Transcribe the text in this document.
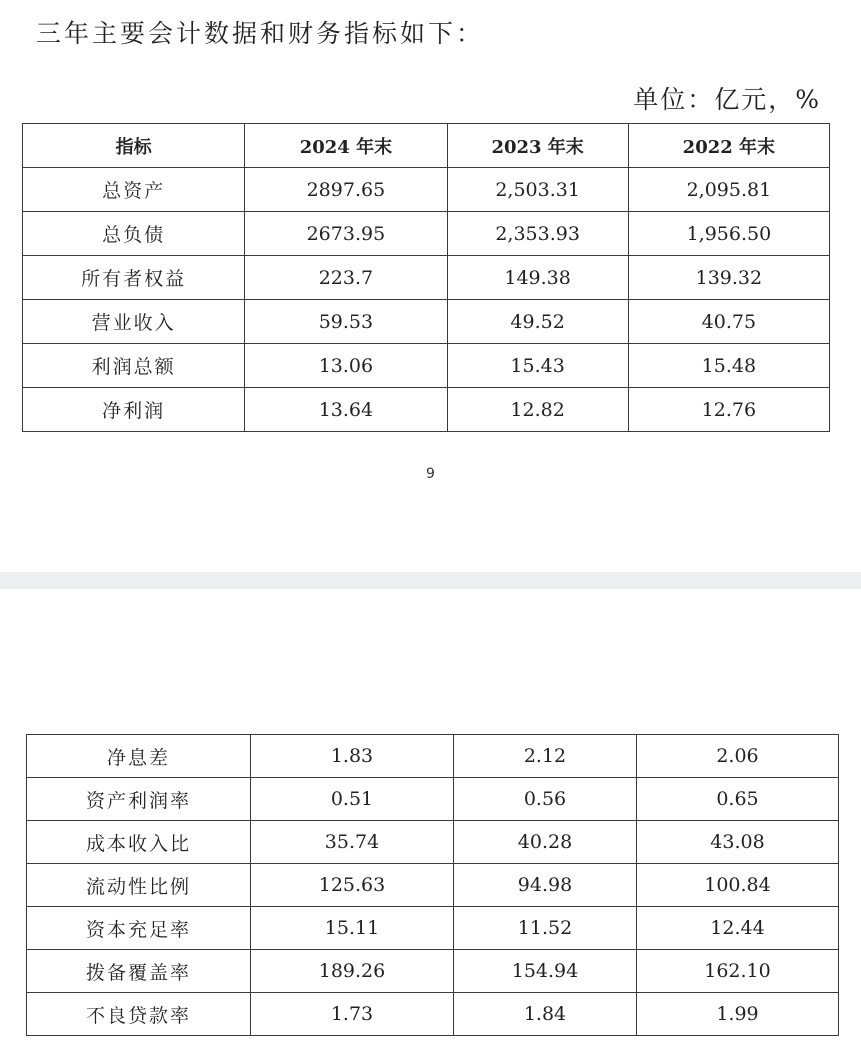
三年主要会计数据和财务指标如下：
单位：亿元，%
指标	2024 年末	2023 年末	2022 年末
总资产	2897.65	2,503.31	2,095.81
总负债	2673.95	2,353.93	1,956.50
所有者权益	223.7	149.38	139.32
营业收入	59.53	49.52	40.75
利润总额	13.06	15.43	15.48
净利润	13.64	12.82	12.76
9
净息差	1.83	2.12	2.06
资产利润率	0.51	0.56	0.65
成本收入比	35.74	40.28	43.08
流动性比例	125.63	94.98	100.84
资本充足率	15.11	11.52	12.44
拨备覆盖率	189.26	154.94	162.10
不良贷款率	1.73	1.84	1.99
